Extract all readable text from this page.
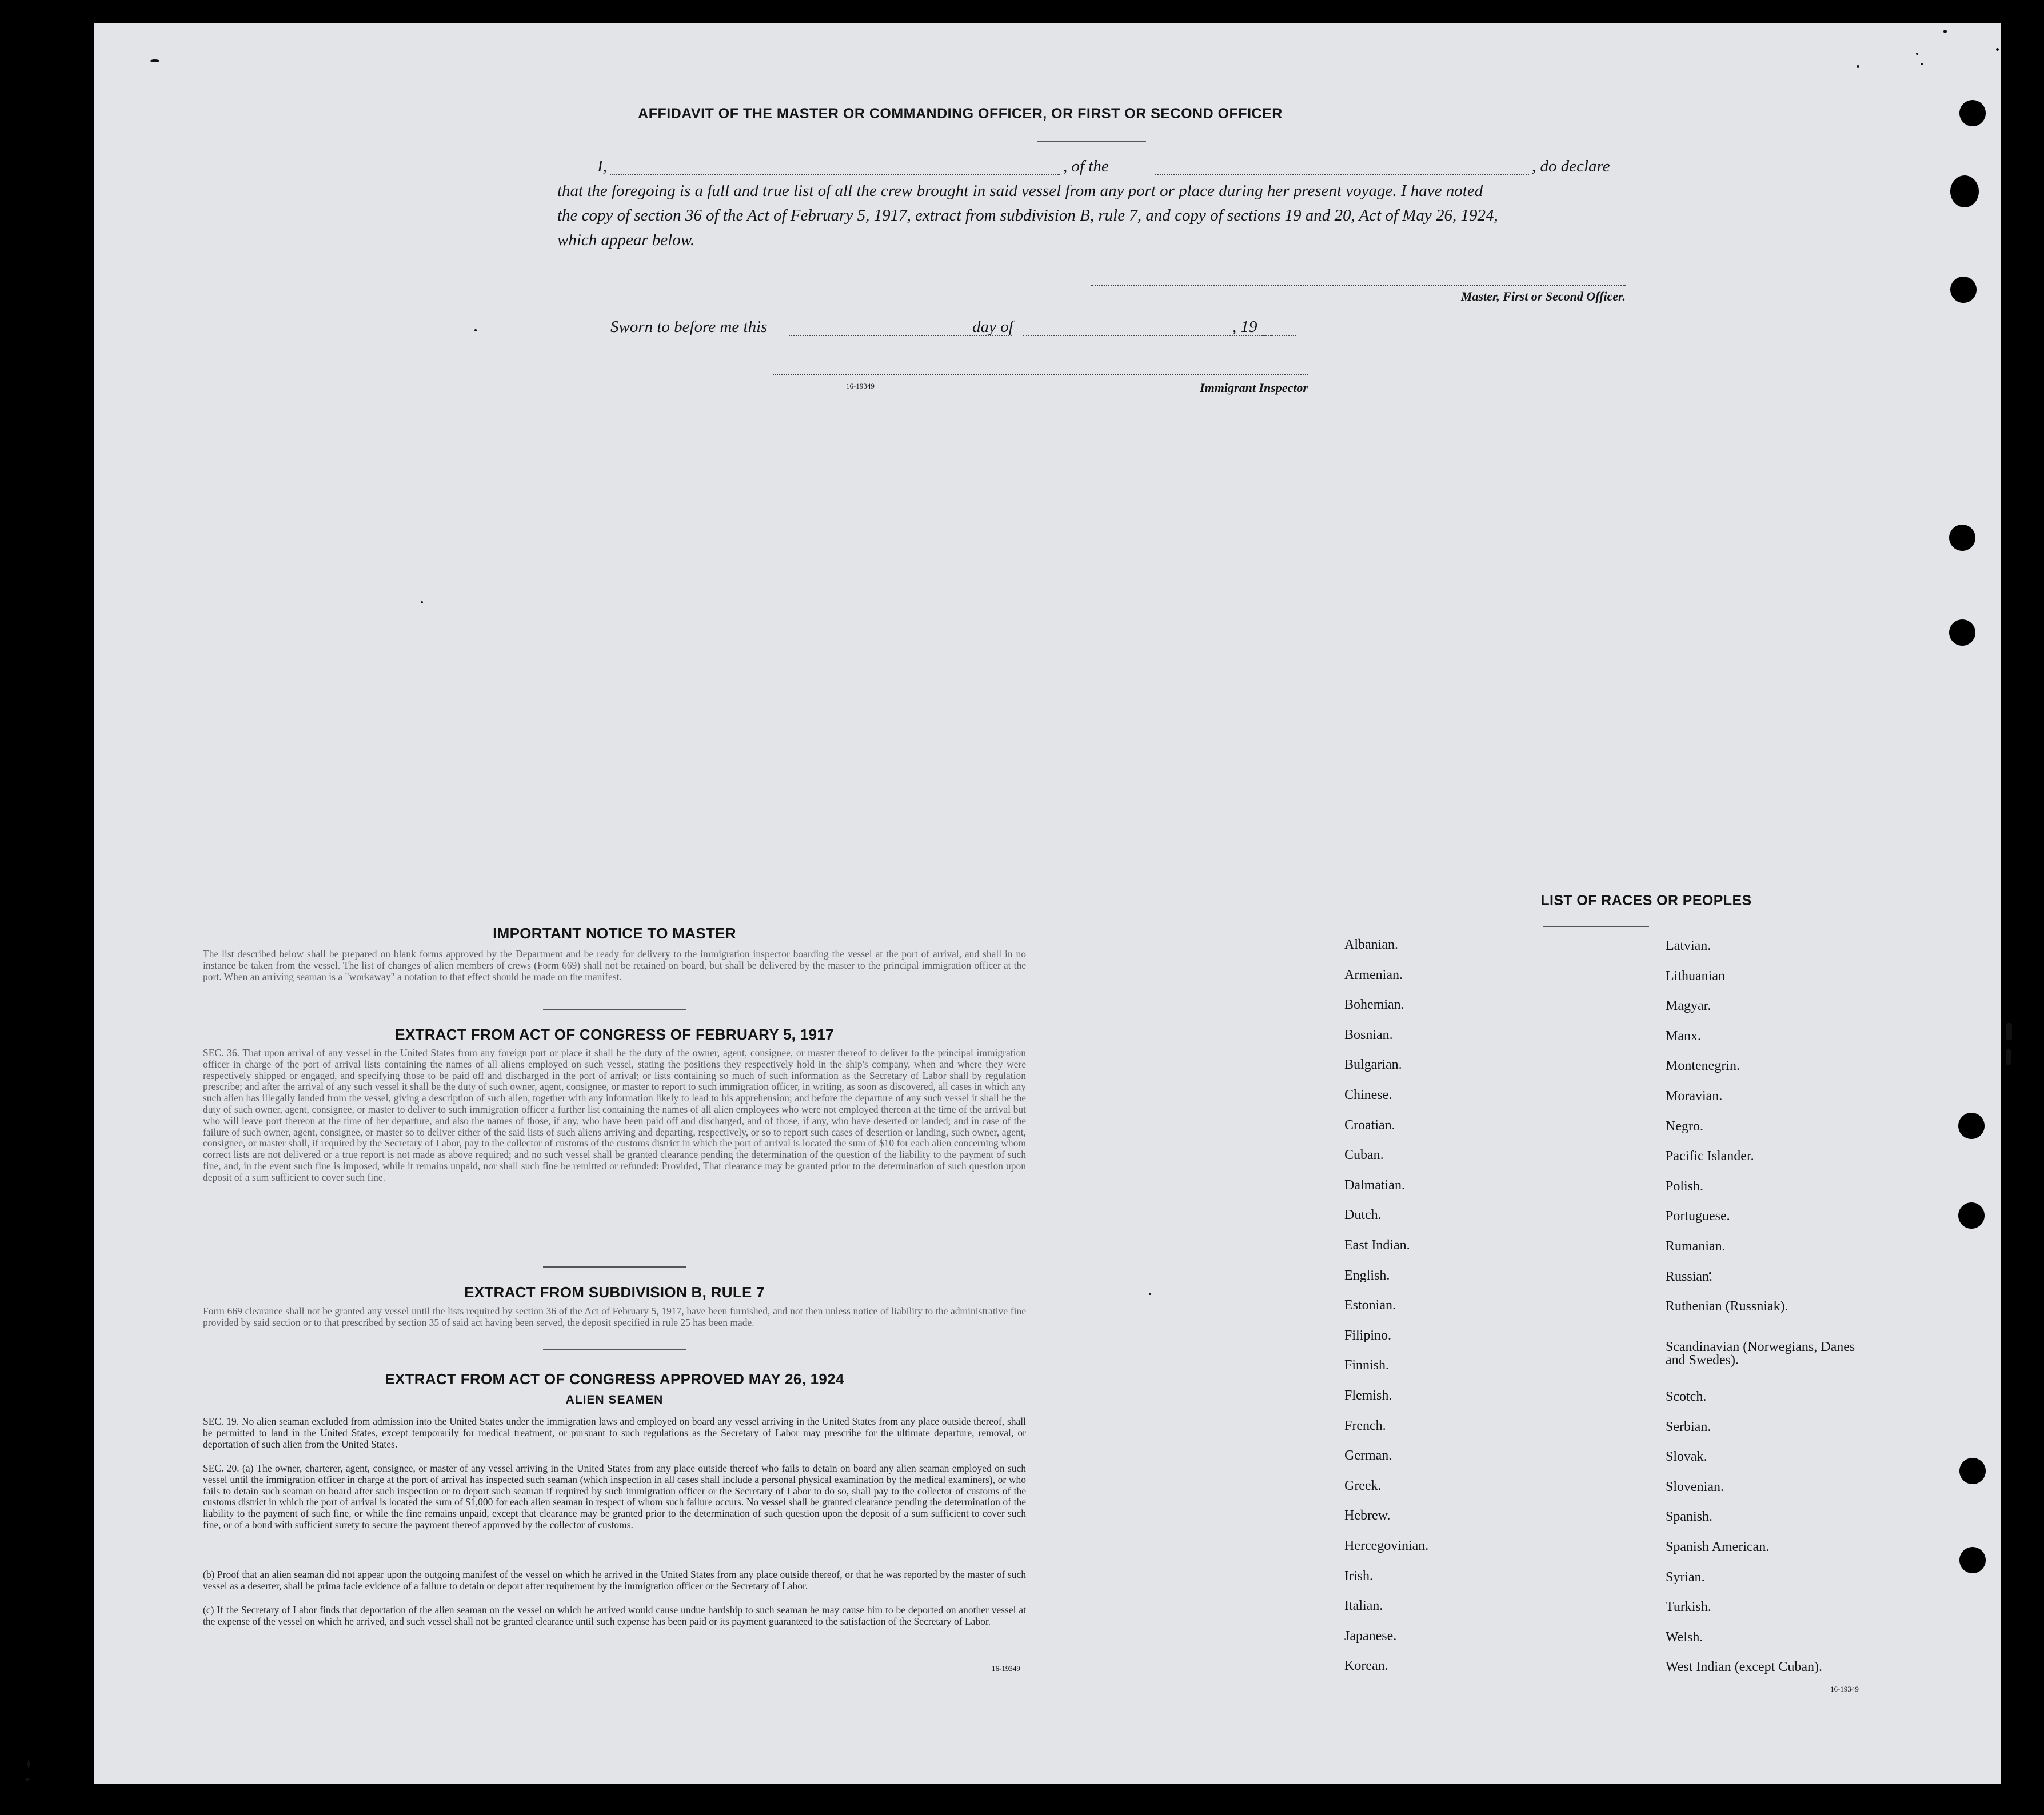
AFFIDAVIT OF THE MASTER OR COMMANDING OFFICER, OR FIRST OR SECOND OFFICER
I,	, of the	, do declare
that the foregoing is a full and true list of all the crew brought in said vessel from any port or place during her present voyage. I have noted
the copy of section 36 of the Act of February 5, 1917, extract from subdivision B, rule 7, and copy of sections 19 and 20, Act of May 26, 1924,
which appear below.
Master, First or Second Officer.
Sworn to before me this	day of	, 19
16-19349	Immigrant Inspector
IMPORTANT NOTICE TO MASTER
The list described below shall be prepared on blank forms approved by the Department and be ready for delivery to the immigration inspector boarding the vessel at the port of arrival, and shall in no instance be taken from the vessel. The list of changes of alien members of crews (Form 669) shall not be retained on board, but shall be delivered by the master to the principal immigration officer at the port. When an arriving seaman is a "workaway" a notation to that effect should be made on the manifest.
EXTRACT FROM ACT OF CONGRESS OF FEBRUARY 5, 1917
SEC. 36. That upon arrival of any vessel in the United States from any foreign port or place it shall be the duty of the owner, agent, consignee, or master thereof to deliver to the principal immigration officer in charge of the port of arrival lists containing the names of all aliens employed on such vessel, stating the positions they respectively hold in the ship's company, when and where they were respectively shipped or engaged, and specifying those to be paid off and discharged in the port of arrival; or lists containing so much of such information as the Secretary of Labor shall by regulation prescribe; and after the arrival of any such vessel it shall be the duty of such owner, agent, consignee, or master to report to such immigration officer, in writing, as soon as discovered, all cases in which any such alien has illegally landed from the vessel, giving a description of such alien, together with any information likely to lead to his apprehension; and before the departure of any such vessel it shall be the duty of such owner, agent, consignee, or master to deliver to such immigration officer a further list containing the names of all alien employees who were not employed thereon at the time of the arrival but who will leave port thereon at the time of her departure, and also the names of those, if any, who have been paid off and discharged, and of those, if any, who have deserted or landed; and in case of the failure of such owner, agent, consignee, or master so to deliver either of the said lists of such aliens arriving and departing, respectively, or so to report such cases of desertion or landing, such owner, agent, consignee, or master shall, if required by the Secretary of Labor, pay to the collector of customs of the customs district in which the port of arrival is located the sum of $10 for each alien concerning whom correct lists are not delivered or a true report is not made as above required; and no such vessel shall be granted clearance pending the determination of the question of the liability to the payment of such fine, and, in the event such fine is imposed, while it remains unpaid, nor shall such fine be remitted or refunded: Provided, That clearance may be granted prior to the determination of such question upon deposit of a sum sufficient to cover such fine.
EXTRACT FROM SUBDIVISION B, RULE 7
Form 669 clearance shall not be granted any vessel until the lists required by section 36 of the Act of February 5, 1917, have been furnished, and not then unless notice of liability to the administrative fine provided by said section or to that prescribed by section 35 of said act having been served, the deposit specified in rule 25 has been made.
EXTRACT FROM ACT OF CONGRESS APPROVED MAY 26, 1924
ALIEN SEAMEN
SEC. 19. No alien seaman excluded from admission into the United States under the immigration laws and employed on board any vessel arriving in the United States from any place outside thereof, shall be permitted to land in the United States, except temporarily for medical treatment, or pursuant to such regulations as the Secretary of Labor may prescribe for the ultimate departure, removal, or deportation of such alien from the United States.
SEC. 20. (a) The owner, charterer, agent, consignee, or master of any vessel arriving in the United States from any place outside thereof who fails to detain on board any alien seaman employed on such vessel until the immigration officer in charge at the port of arrival has inspected such seaman (which inspection in all cases shall include a personal physical examination by the medical examiners), or who fails to detain such seaman on board after such inspection or to deport such seaman if required by such immigration officer or the Secretary of Labor to do so, shall pay to the collector of customs of the customs district in which the port of arrival is located the sum of $1,000 for each alien seaman in respect of whom such failure occurs. No vessel shall be granted clearance pending the determination of the liability to the payment of such fine, or while the fine remains unpaid, except that clearance may be granted prior to the determination of such question upon the deposit of a sum sufficient to cover such fine, or of a bond with sufficient surety to secure the payment thereof approved by the collector of customs.
(b) Proof that an alien seaman did not appear upon the outgoing manifest of the vessel on which he arrived in the United States from any place outside thereof, or that he was reported by the master of such vessel as a deserter, shall be prima facie evidence of a failure to detain or deport after requirement by the immigration officer or the Secretary of Labor.
(c) If the Secretary of Labor finds that deportation of the alien seaman on the vessel on which he arrived would cause undue hardship to such seaman he may cause him to be deported on another vessel at the expense of the vessel on which he arrived, and such vessel shall not be granted clearance until such expense has been paid or its payment guaranteed to the satisfaction of the Secretary of Labor.
16-19349
LIST OF RACES OR PEOPLES
Albanian.
Armenian.
Bohemian.
Bosnian.
Bulgarian.
Chinese.
Croatian.
Cuban.
Dalmatian.
Dutch.
East Indian.
English.
Estonian.
Filipino.
Finnish.
Flemish.
French.
German.
Greek.
Hebrew.
Hercegovinian.
Irish.
Italian.
Japanese.
Korean.
Latvian.
Lithuanian
Magyar.
Manx.
Montenegrin.
Moravian.
Negro.
Pacific Islander.
Polish.
Portuguese.
Rumanian.
Russian.
Ruthenian (Russniak).
Scandinavian (Norwegians, Danes and Swedes).
Scotch.
Serbian.
Slovak.
Slovenian.
Spanish.
Spanish American.
Syrian.
Turkish.
Welsh.
West Indian (except Cuban).
16-19349
